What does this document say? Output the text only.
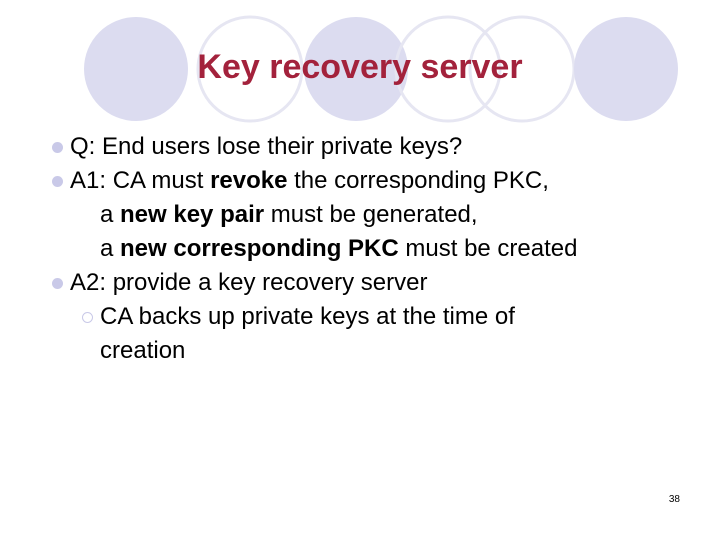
Key recovery server
Q: End users lose their private keys?
A1: CA must revoke the corresponding PKC,
a new key pair must be generated,
a new corresponding PKC must be created
A2: provide a key recovery server
CA backs up private keys at the time of
creation
38
